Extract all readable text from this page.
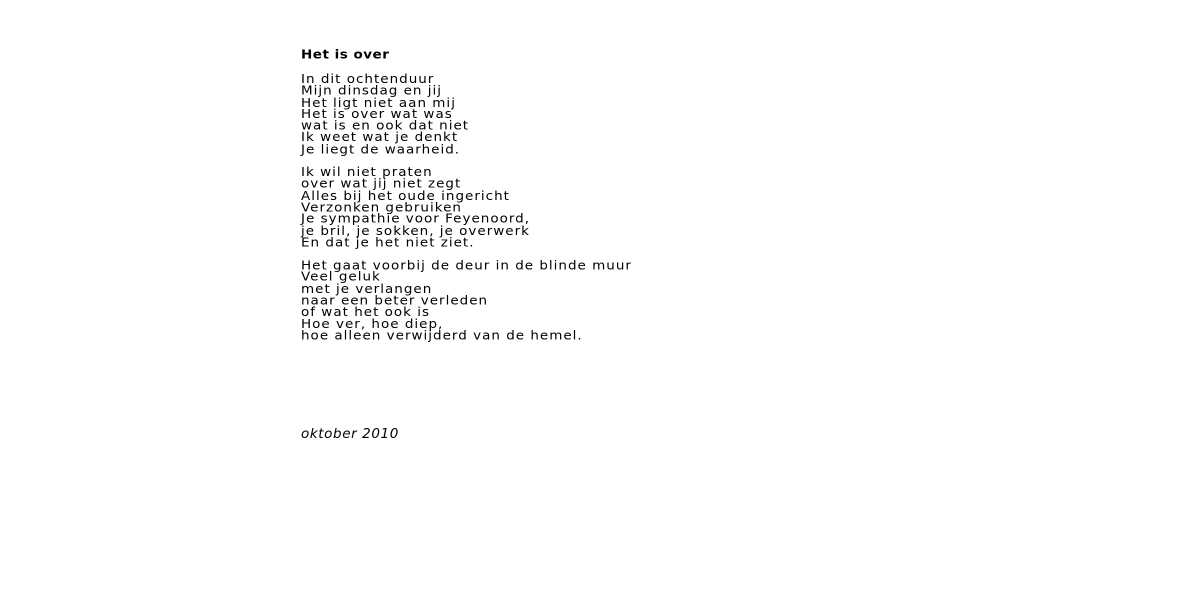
Het is over
In dit ochtenduur
Mijn dinsdag en jij
Het ligt niet aan mij
Het is over wat was
wat is en ook dat niet
Ik weet wat je denkt
Je liegt de waarheid.
Ik wil niet praten
over wat jij niet zegt
Alles bij het oude ingericht
Verzonken gebruiken
Je sympathie voor Feyenoord,
je bril, je sokken, je overwerk
En dat je het niet ziet.
Het gaat voorbij de deur in de blinde muur
Veel geluk
met je verlangen
naar een beter verleden
of wat het ook is
Hoe ver, hoe diep,
hoe alleen verwijderd van de hemel.
oktober 2010
